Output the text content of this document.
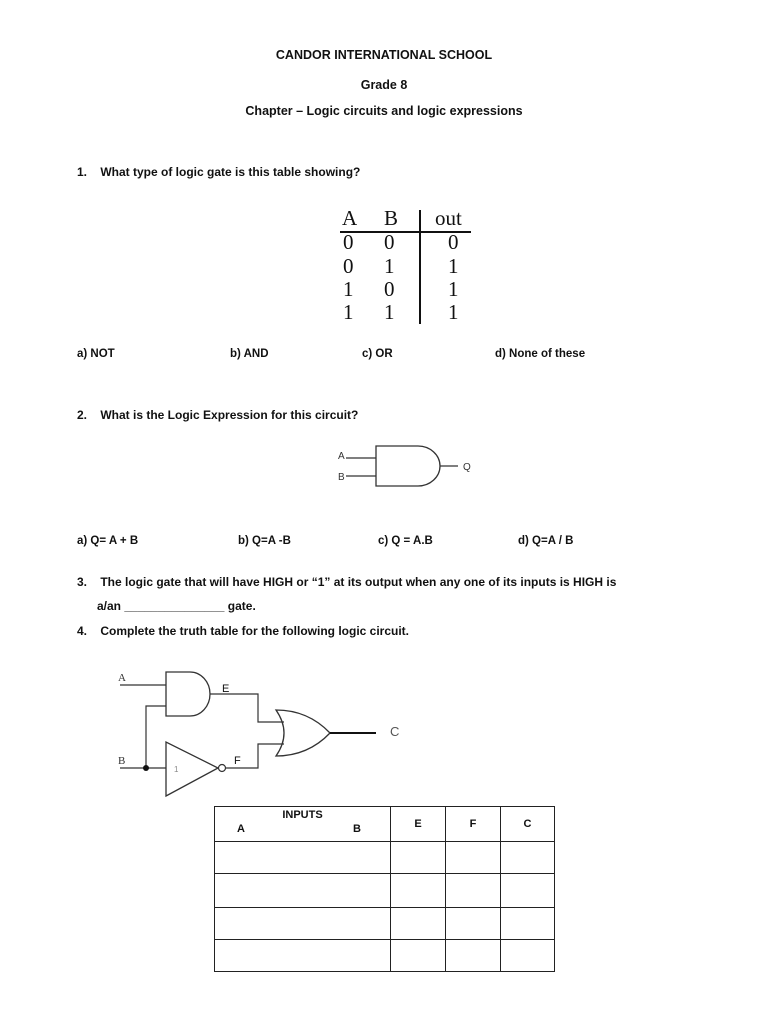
CANDOR INTERNATIONAL SCHOOL
Grade 8
Chapter – Logic circuits and logic expressions
1. What type of logic gate is this table showing?
A B out
0 0	0
0 1	1
1 0	1
1 1	1
a) NOT	b) AND	c) OR	d) None of these
2. What is the Logic Expression for this circuit?
A
B
Q
a) Q= A + B	b) Q=A -B	c) Q = A.B	d) Q=A / B
3. The logic gate that will have HIGH or “1” at its output when any one of its inputs is HIGH is
a/an _______________ gate.
4. Complete the truth table for the following logic circuit.
A
B
E
F
C
1
INPUTS
A B	E	F	C
